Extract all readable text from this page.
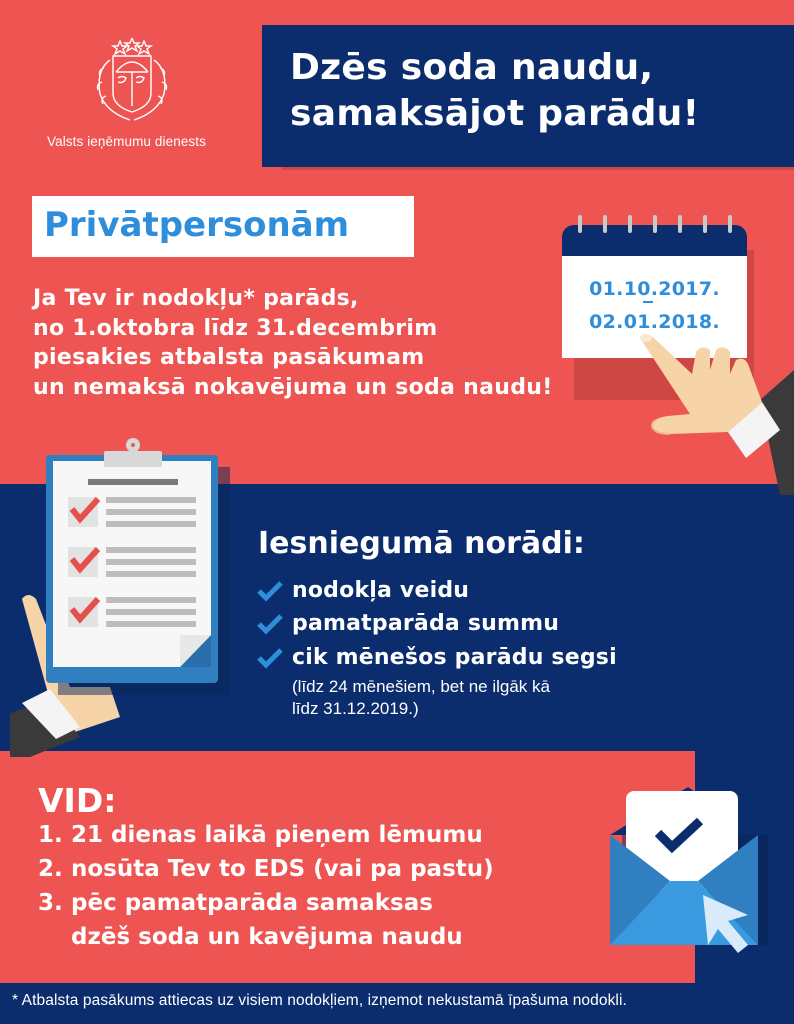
Valsts ieņēmumu dienests
Dzēs soda naudu,
samaksājot parādu!
Privātpersonām
Ja Tev ir nodokļu* parāds,
no 1.oktobra līdz 31.decembrim
piesakies atbalsta pasākumam
un nemaksā nokavējuma un soda naudu!
01.10.2017.
02.01.2018.
Iesniegumā norādi:
nodokļa veidu
pamatparāda summu
cik mēnešos parādu segsi
(līdz 24 mēnešiem, bet ne ilgāk kā
līdz 31.12.2019.)
VID:
1. 21 dienas laikā pieņem lēmumu
2. nosūta Tev to EDS (vai pa pastu)
3. pēc pamatparāda samaksas
dzēš soda un kavējuma naudu
* Atbalsta pasākums attiecas uz visiem nodokļiem, izņemot nekustamā īpašuma nodokli.
